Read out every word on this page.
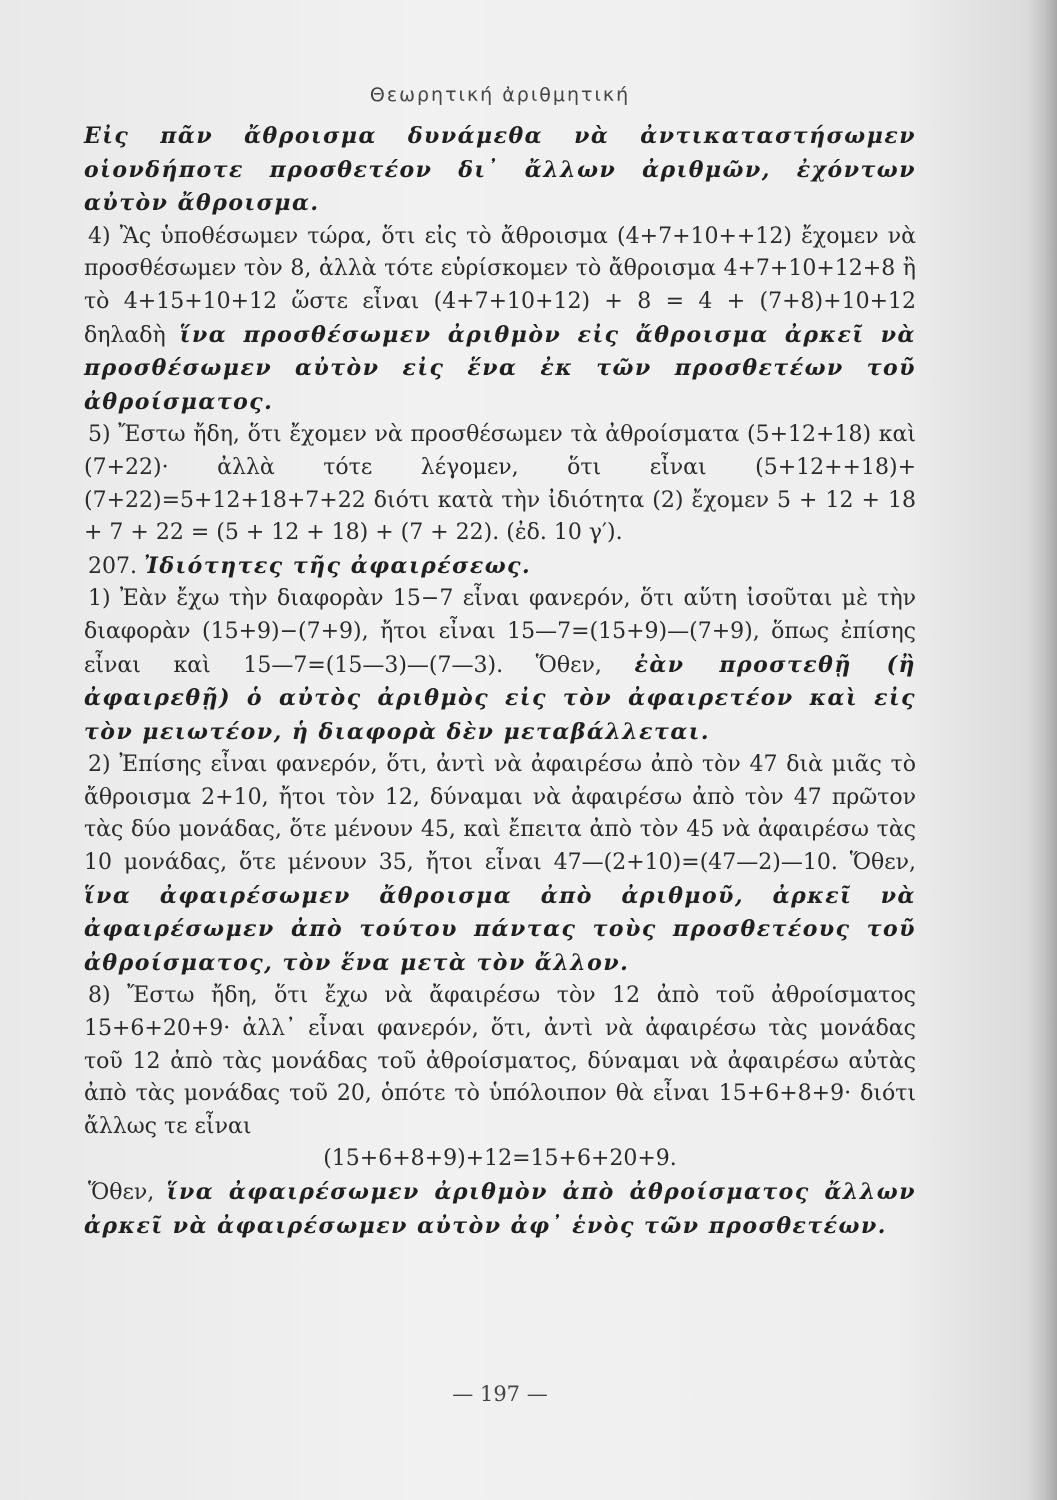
Θεωρητική ἀριθμητική

Εἰς πᾶν ἄθροισμα δυνάμεθα νὰ ἀντικαταστήσωμεν οἱονδήποτε προσθετέον δι᾽ ἄλλων ἀριθμῶν, ἐχόντων αὐτὸν ἄθροισμα.

4) Ἂς ὑποθέσωμεν τώρα, ὅτι εἰς τὸ ἄθροισμα (4+7+10++12) ἔχομεν νὰ προσθέσωμεν τὸν 8, ἀλλὰ τότε εὑρίσκομεν τὸ ἄθροισμα 4+7+10+12+8 ἢ τὸ 4+15+10+12 ὥστε εἶναι (4+7+10+12) + 8 = 4 + (7+8)+10+12 δηλαδὴ ἵνα προσθέσωμεν ἀριθμὸν εἰς ἄθροισμα ἀρκεῖ νὰ προσθέσωμεν αὐτὸν εἰς ἕνα ἐκ τῶν προσθετέων τοῦ ἀθροίσματος.

5) Ἔστω ἤδη, ὅτι ἔχομεν νὰ προσθέσωμεν τὰ ἀθροίσματα (5+12+18) καὶ (7+22)· ἀλλὰ τότε λέγομεν, ὅτι εἶναι (5+12++18)+(7+22)=5+12+18+7+22 διότι κατὰ τὴν ἰδιότητα (2) ἔχομεν 5 + 12 + 18 + 7 + 22 = (5 + 12 + 18) + (7 + 22). (ἐδ. 10 γ′).

207. Ἰδιότητες τῆς ἀφαιρέσεως.

1) Ἐὰν ἔχω τὴν διαφορὰν 15−7 εἶναι φανερόν, ὅτι αὕτη ἰσοῦται μὲ τὴν διαφορὰν (15+9)−(7+9), ἤτοι εἶναι 15—7=(15+9)—(7+9), ὅπως ἐπίσης εἶναι καὶ 15—7=(15—3)—(7—3). Ὅθεν, ἐὰν προστεθῇ (ἢ ἀφαιρεθῇ) ὁ αὐτὸς ἀριθμὸς εἰς τὸν ἀφαιρετέον καὶ εἰς τὸν μειωτέον, ἡ διαφορὰ δὲν μεταβάλλεται.

2) Ἐπίσης εἶναι φανερόν, ὅτι, ἀντὶ νὰ ἀφαιρέσω ἀπὸ τὸν 47 διὰ μιᾶς τὸ ἄθροισμα 2+10, ἤτοι τὸν 12, δύναμαι νὰ ἀφαιρέσω ἀπὸ τὸν 47 πρῶτον τὰς δύο μονάδας, ὅτε μένουν 45, καὶ ἔπειτα ἀπὸ τὸν 45 νὰ ἀφαιρέσω τὰς 10 μονάδας, ὅτε μένουν 35, ἤτοι εἶναι 47—(2+10)=(47—2)—10. Ὅθεν, ἵνα ἀφαιρέσωμεν ἄθροισμα ἀπὸ ἀριθμοῦ, ἀρκεῖ νὰ ἀφαιρέσωμεν ἀπὸ τούτου πάντας τοὺς προσθετέους τοῦ ἀθροίσματος, τὸν ἕνα μετὰ τὸν ἄλλον.

8) Ἔστω ἤδη, ὅτι ἔχω νὰ ἄφαιρέσω τὸν 12 ἀπὸ τοῦ ἀθροίσματος 15+6+20+9· ἀλλ᾽ εἶναι φανερόν, ὅτι, ἀντὶ νὰ ἀφαιρέσω τὰς μονάδας τοῦ 12 ἀπὸ τὰς μονάδας τοῦ ἀθροίσματος, δύναμαι νὰ ἀφαιρέσω αὐτὰς ἀπὸ τὰς μονάδας τοῦ 20, ὁπότε τὸ ὑπόλοιπον θὰ εἶναι 15+6+8+9· διότι ἄλλως τε εἶναι

(15+6+8+9)+12=15+6+20+9.

Ὅθεν, ἵνα ἀφαιρέσωμεν ἀριθμὸν ἀπὸ ἀθροίσματος ἄλλων ἀρκεῖ νὰ ἀφαιρέσωμεν αὐτὸν ἀφ᾽ ἑνὸς τῶν προσθετέων.

— 197 —
